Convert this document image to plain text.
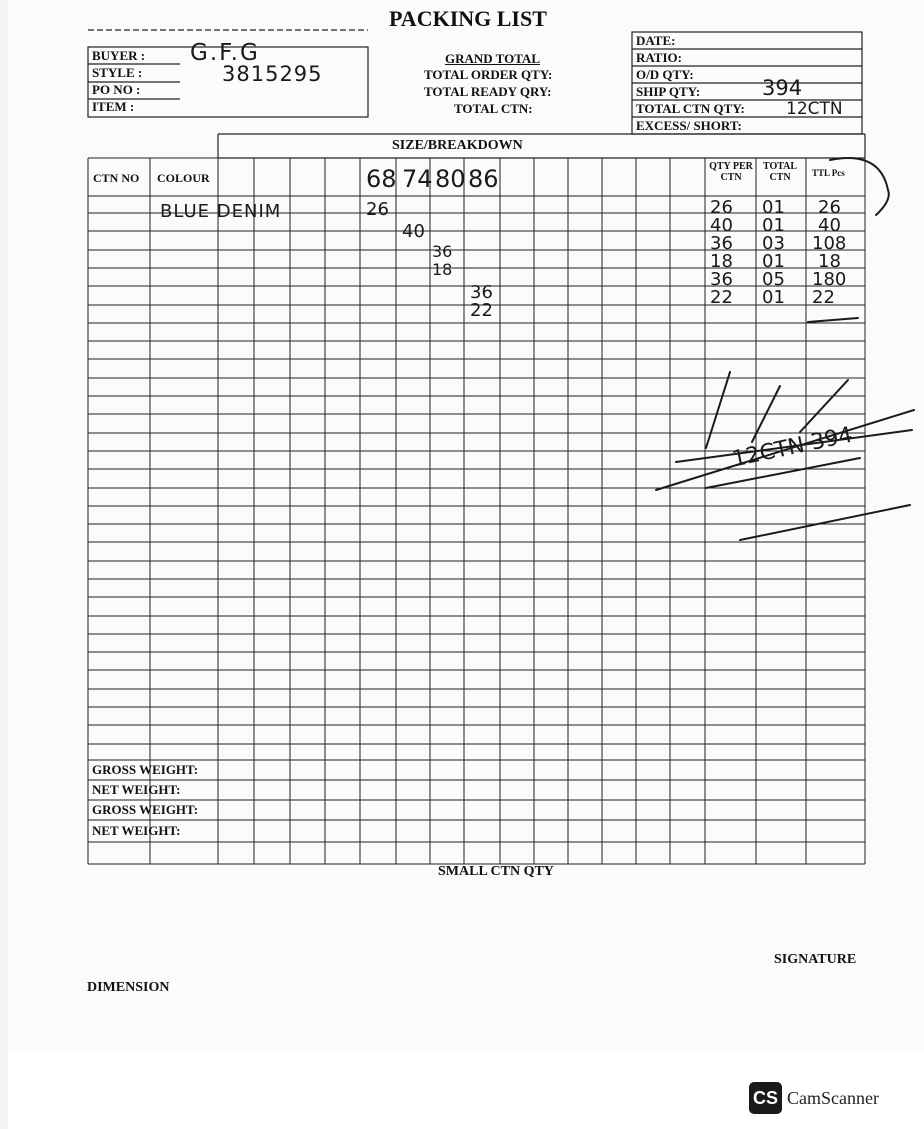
PACKING LIST
BUYER :
STYLE :
PO NO :
ITEM :
G.F.G
3815295
GRAND TOTAL
TOTAL ORDER QTY:
TOTAL READY QRY:
TOTAL CTN:
DATE:
RATIO:
O/D QTY:
SHIP QTY:
TOTAL CTN QTY:
EXCESS/ SHORT:
394
12CTN
SIZE/BREAKDOWN
CTN NO COLOUR
QTY PER CTN
TOTAL CTN	TTL Pcs
68 74 80 86
BLUE DENIM	26
40
36
18
36
22
26
40
36
18
36
22
01
01
03
01
05
01
26
40
108
18
180
22
12CTN 394
GROSS WEIGHT:
NET WEIGHT:
GROSS WEIGHT:
NET WEIGHT:
SMALL CTN QTY
SIGNATURE
DIMENSION
CS CamScanner
